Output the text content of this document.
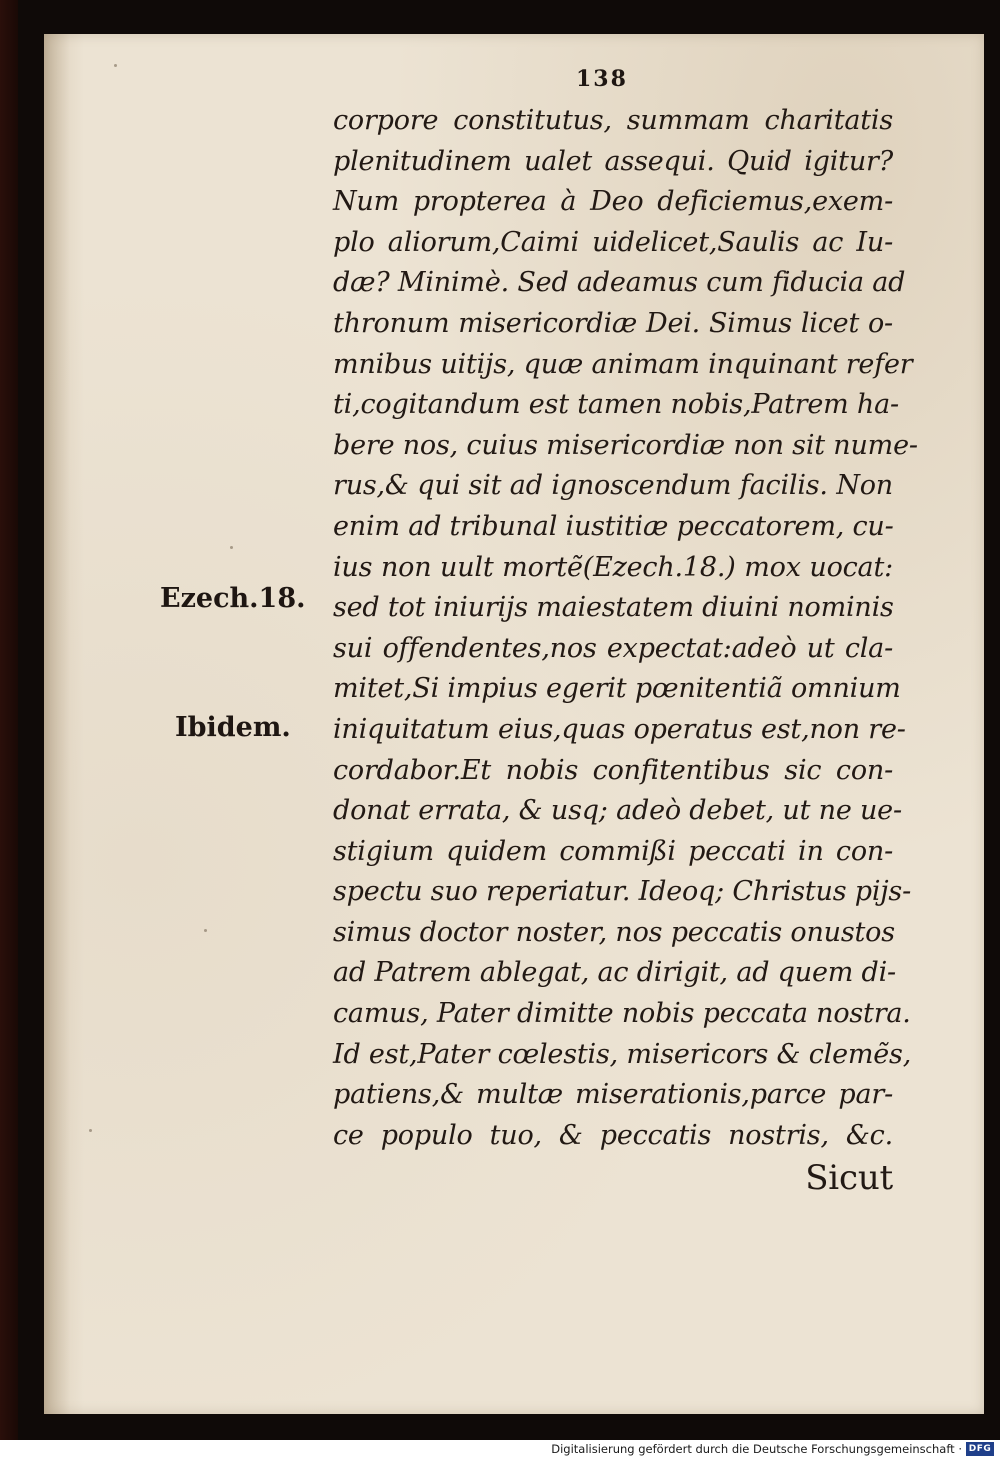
138
Ezech.18.
Ibidem.
corpore constitutus, summam charitatis
plenitudinem ualet assequi. Quid igitur?
Num propterea à Deo deficiemus,exem-
plo aliorum,Caimi uidelicet,Saulis ac Iu-
dæ? Minimè. Sed adeamus cum fiducia ad
thronum misericordiæ Dei. Simus licet o-
mnibus uitijs, quæ animam inquinant refer
ti,cogitandum est tamen nobis,Patrem ha-
bere nos, cuius misericordiæ non sit nume-
rus,& qui sit ad ignoscendum facilis. Non
enim ad tribunal iustitiæ peccatorem, cu-
ius non uult mortẽ(Ezech.18.) mox uocat:
sed tot iniurijs maiestatem diuini nominis
sui offendentes,nos expectat:adeò ut cla-
mitet,Si impius egerit pœnitentiã omnium
iniquitatum eius,quas operatus est,non re-
cordabor.Et nobis confitentibus sic con-
donat errata, & usq; adeò debet, ut ne ue-
stigium quidem commißi peccati in con-
spectu suo reperiatur. Ideoq; Christus pijs-
simus doctor noster, nos peccatis onustos
ad Patrem ablegat, ac dirigit, ad quem di-
camus, Pater dimitte nobis peccata nostra.
Id est,Pater cœlestis, misericors & clemẽs,
patiens,& multæ miserationis,parce par-
ce populo tuo, & peccatis nostris, &c.
Sicut
Digitalisierung gefördert durch die Deutsche Forschungsgemeinschaft · DFG
